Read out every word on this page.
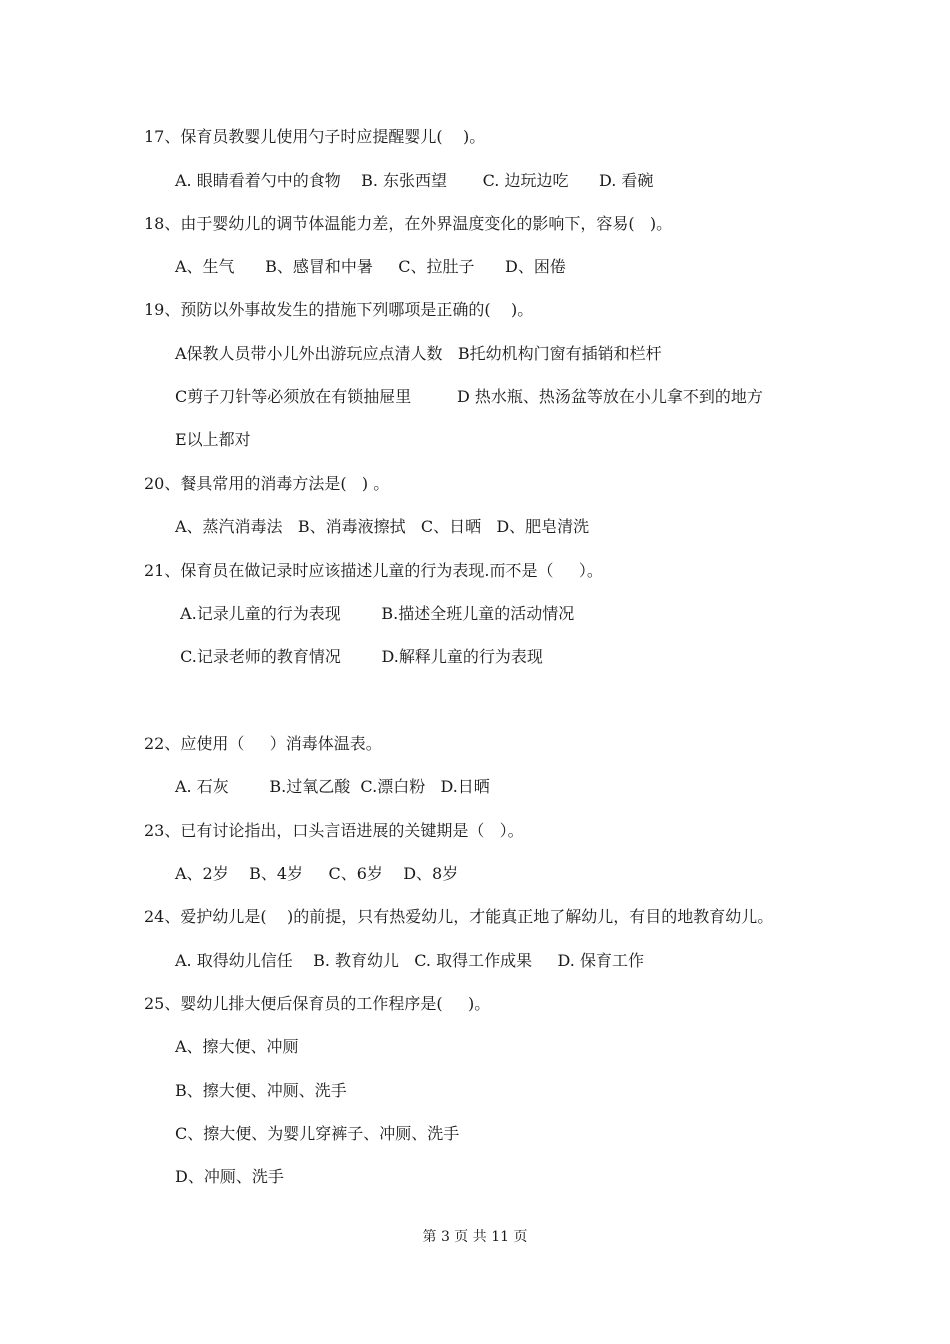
17、保育员教婴儿使用勺子时应提醒婴儿(    )。
A. 眼睛看着勺中的食物    B. 东张西望       C. 边玩边吃      D. 看碗
18、由于婴幼儿的调节体温能力差，在外界温度变化的影响下，容易(   )。
A、生气      B、感冒和中暑     C、拉肚子      D、困倦
19、预防以外事故发生的措施下列哪项是正确的(    )。
A保教人员带小儿外出游玩应点清人数   B托幼机构门窗有插销和栏杆
C剪子刀针等必须放在有锁抽屉里         D 热水瓶、热汤盆等放在小儿拿不到的地方
E以上都对
20、餐具常用的消毒方法是(   ) 。
A、蒸汽消毒法   B、消毒液擦拭   C、日晒   D、肥皂清洗
21、保育员在做记录时应该描述儿童的行为表现.而不是（     ）。
A.记录儿童的行为表现        B.描述全班儿童的活动情况
C.记录老师的教育情况        D.解释儿童的行为表现
22、应使用（     ）消毒体温表。
A. 石灰        B.过氧乙酸  C.漂白粉   D.日晒
23、已有讨论指出，口头言语进展的关键期是（   ）。
A、2岁    B、4岁     C、6岁    D、8岁
24、爱护幼儿是(    )的前提，只有热爱幼儿，才能真正地了解幼儿，有目的地教育幼儿。
A. 取得幼儿信任    B. 教育幼儿   C. 取得工作成果     D. 保育工作
25、婴幼儿排大便后保育员的工作程序是(     )。
A、擦大便、冲厕
B、擦大便、冲厕、洗手
C、擦大便、为婴儿穿裤子、冲厕、洗手
D、冲厕、洗手
第 3 页 共 11 页
